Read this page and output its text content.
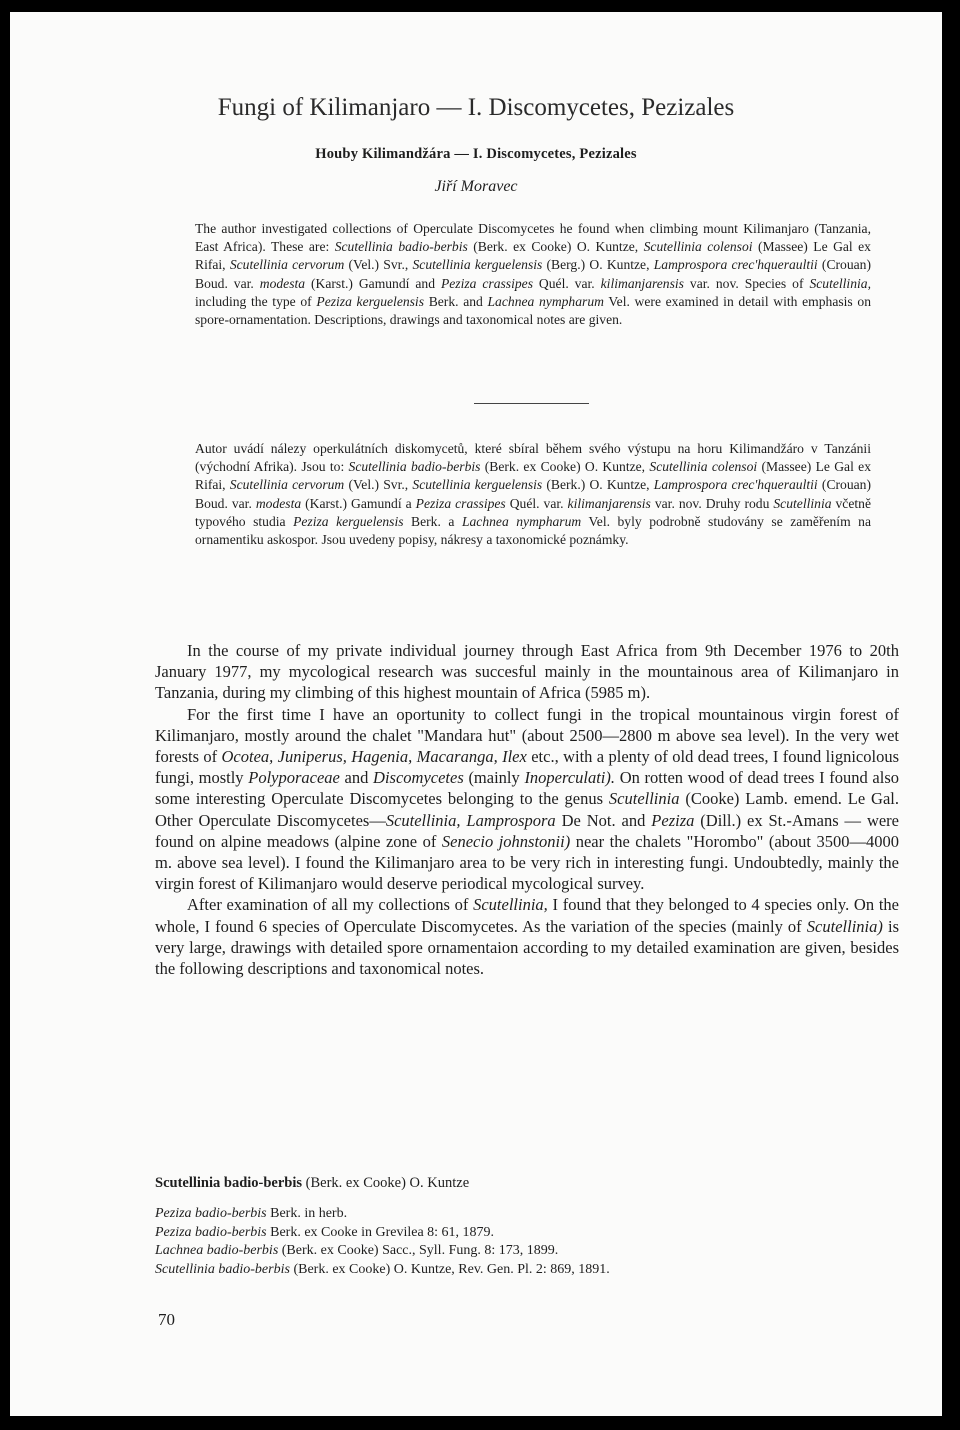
Fungi of Kilimanjaro — I. Discomycetes, Pezizales
Houby Kilimandžára — I. Discomycetes, Pezizales
Jiří Moravec

The author investigated collections of Operculate Discomycetes he found when climbing mount Kilimanjaro (Tanzania, East Africa). These are: Scutellinia badio-berbis (Berk. ex Cooke) O. Kuntze, Scutellinia colensoi (Massee) Le Gal ex Rifai, Scutellinia cervorum (Vel.) Svr., Scutellinia kerguelensis (Berg.) O. Kuntze, Lamprospora crec'hqueraultii (Crouan) Boud. var. modesta (Karst.) Gamundí and Peziza crassipes Quél. var. kilimanjarensis var. nov. Species of Scutellinia, including the type of Peziza kerguelensis Berk. and Lachnea nympharum Vel. were examined in detail with emphasis on spore-ornamentation. Descriptions, drawings and taxonomical notes are given.

Autor uvádí nálezy operkulátních diskomycetů, které sbíral během svého výstupu na horu Kilimandžáro v Tanzánii (východní Afrika). Jsou to: Scutellinia badio-berbis (Berk. ex Cooke) O. Kuntze, Scutellinia colensoi (Massee) Le Gal ex Rifai, Scutellinia cervorum (Vel.) Svr., Scutellinia kerguelensis (Berk.) O. Kuntze, Lamprospora crec'hqueraultii (Crouan) Boud. var. modesta (Karst.) Gamundí a Peziza crassipes Quél. var. kilimanjarensis var. nov. Druhy rodu Scutellinia včetně typového studia Peziza kerguelensis Berk. a Lachnea nympharum Vel. byly podrobně studovány se zaměřením na ornamentiku askospor. Jsou uvedeny popisy, nákresy a taxonomické poznámky.

In the course of my private individual journey through East Africa from 9th December 1976 to 20th January 1977, my mycological research was succesful mainly in the mountainous area of Kilimanjaro in Tanzania, during my climbing of this highest mountain of Africa (5985 m).

For the first time I have an oportunity to collect fungi in the tropical mountainous virgin forest of Kilimanjaro, mostly around the chalet "Mandara hut" (about 2500—2800 m above sea level). In the very wet forests of Ocotea, Juniperus, Hagenia, Macaranga, Ilex etc., with a plenty of old dead trees, I found lignicolous fungi, mostly Polyporaceae and Discomycetes (mainly Inoperculati). On rotten wood of dead trees I found also some interesting Operculate Discomycetes belonging to the genus Scutellinia (Cooke) Lamb. emend. Le Gal. Other Operculate Discomycetes—Scutellinia, Lamprospora De Not. and Peziza (Dill.) ex St.-Amans — were found on alpine meadows (alpine zone of Senecio johnstonii) near the chalets "Horombo" (about 3500—4000 m. above sea level). I found the Kilimanjaro area to be very rich in interesting fungi. Undoubtedly, mainly the virgin forest of Kilimanjaro would deserve periodical mycological survey.

After examination of all my collections of Scutellinia, I found that they belonged to 4 species only. On the whole, I found 6 species of Operculate Discomycetes. As the variation of the species (mainly of Scutellinia) is very large, drawings with detailed spore ornamentaion according to my detailed examination are given, besides the following descriptions and taxonomical notes.

Scutellinia badio-berbis (Berk. ex Cooke) O. Kuntze
Peziza badio-berbis Berk. in herb.
Peziza badio-berbis Berk. ex Cooke in Grevilea 8: 61, 1879.
Lachnea badio-berbis (Berk. ex Cooke) Sacc., Syll. Fung. 8: 173, 1899.
Scutellinia badio-berbis (Berk. ex Cooke) O. Kuntze, Rev. Gen. Pl. 2: 869, 1891.
70
